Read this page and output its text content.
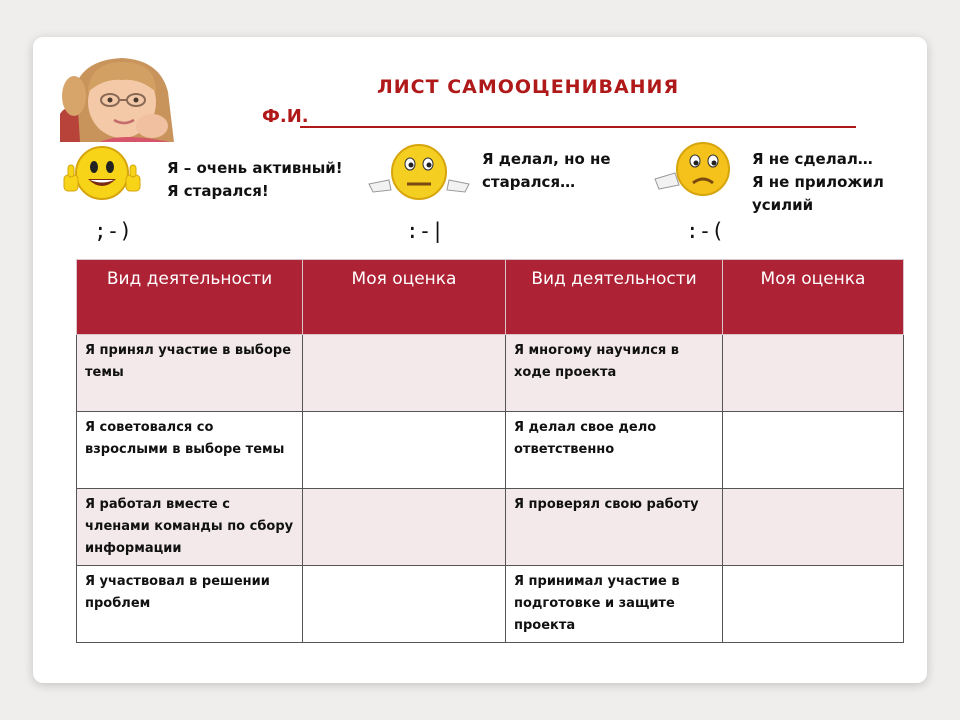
ЛИСТ САМООЦЕНИВАНИЯ
Ф.И.
Я – очень активный!
Я старался!
;-)
Я делал, но не
старался…
:-|
Я не сделал…
Я не приложил
усилий
:-(
Вид деятельности	Моя оценка	Вид деятельности	Моя оценка
Я принял участие в выборе темы		Я многому научился в ходе проекта	
Я советовался со взрослыми в выборе темы		Я делал свое дело ответственно	
Я работал вместе с членами команды по сбору информации		Я проверял свою работу	
Я участвовал в решении проблем		Я принимал участие в подготовке и защите проекта	
